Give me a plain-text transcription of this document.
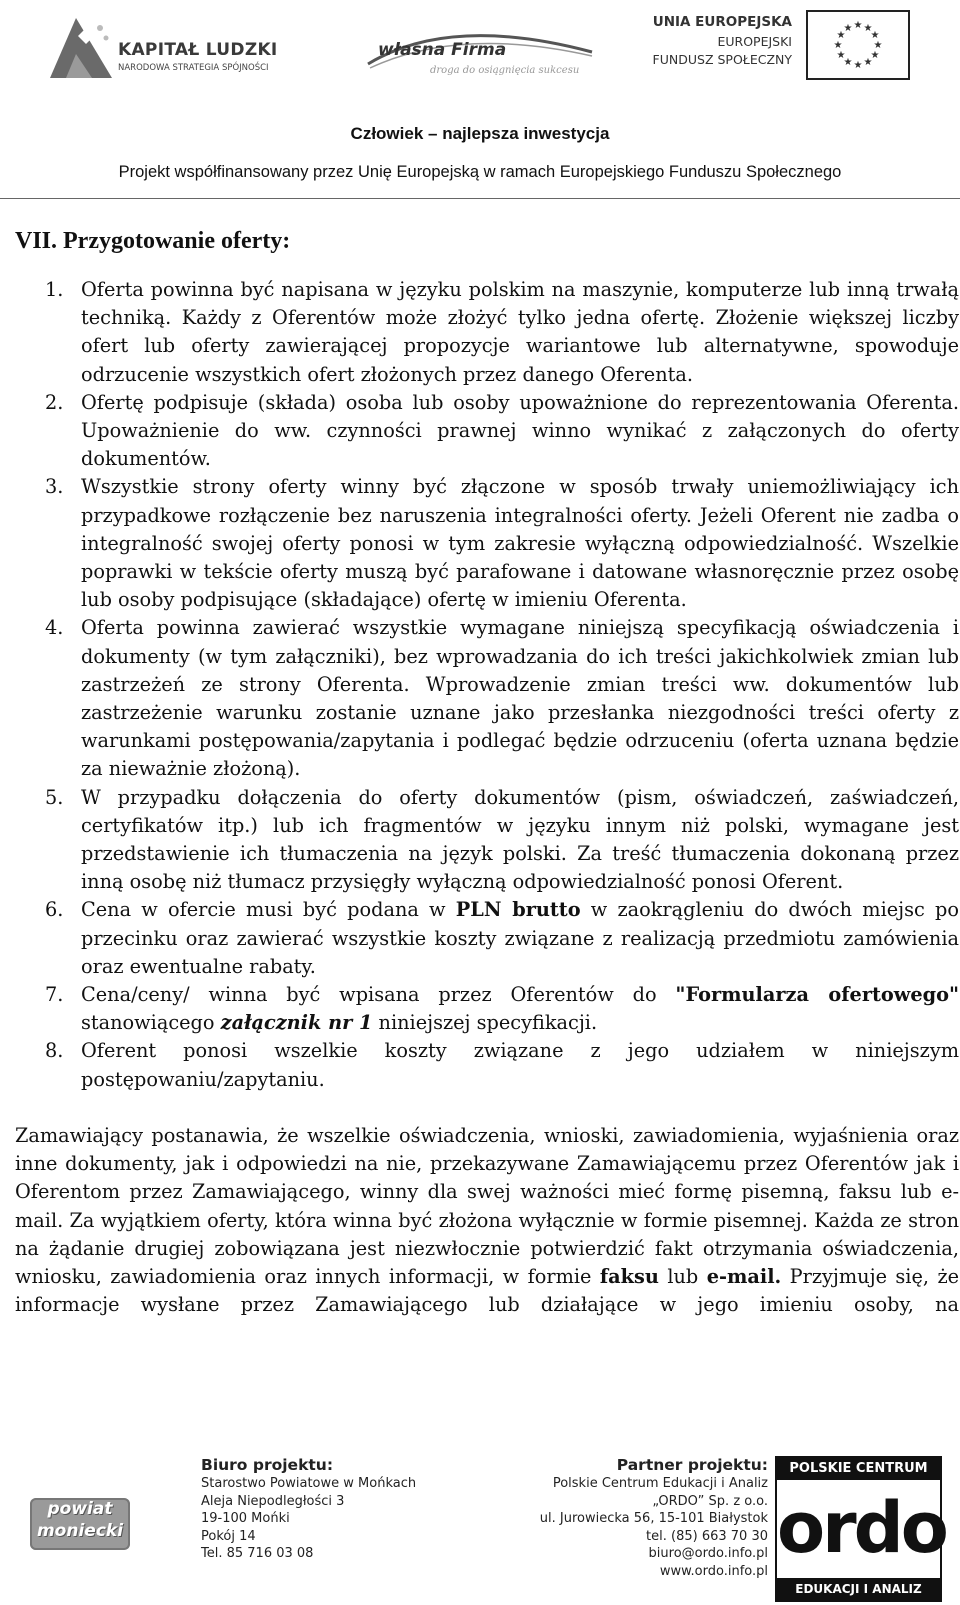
KAPITAŁ LUDZKI
NARODOWA STRATEGIA SPÓJNOŚCI
własna Firma
droga do osiągnięcia sukcesu
UNIA EUROPEJSKA
EUROPEJSKI
FUNDUSZ SPOŁECZNY
★ ★
★
★
★
★
★
★
★
★
★
★
Człowiek – najlepsza inwestycja
Projekt współfinansowany przez Unię Europejską w ramach Europejskiego Funduszu Społecznego
VII. Przygotowanie oferty:
1. Oferta powinna być napisana w języku polskim na maszynie, komputerze lub inną trwałą techniką. Każdy z Oferentów może złożyć tylko jedna ofertę. Złożenie większej liczby ofert lub oferty zawierającej propozycje wariantowe lub alternatywne, spowoduje odrzucenie wszystkich ofert złożonych przez danego Oferenta.
2. Ofertę podpisuje (składa) osoba lub osoby upoważnione do reprezentowania Oferenta. Upoważnienie do ww. czynności prawnej winno wynikać z załączonych do oferty dokumentów.
3. Wszystkie strony oferty winny być złączone w sposób trwały uniemożliwiający ich przypadkowe rozłączenie bez naruszenia integralności oferty. Jeżeli Oferent nie zadba o integralność swojej oferty ponosi w tym zakresie wyłączną odpowiedzialność. Wszelkie poprawki w tekście oferty muszą być parafowane i datowane własnoręcznie przez osobę lub osoby podpisujące (składające) ofertę w imieniu Oferenta.
4. Oferta powinna zawierać wszystkie wymagane niniejszą specyfikacją oświadczenia i dokumenty (w tym załączniki), bez wprowadzania do ich treści jakichkolwiek zmian lub zastrzeżeń ze strony Oferenta. Wprowadzenie zmian treści ww. dokumentów lub zastrzeżenie warunku zostanie uznane jako przesłanka niezgodności treści oferty z warunkami postępowania/zapytania i podlegać będzie odrzuceniu (oferta uznana będzie za nieważnie złożoną).
5. W przypadku dołączenia do oferty dokumentów (pism, oświadczeń, zaświadczeń, certyfikatów itp.) lub ich fragmentów w języku innym niż polski, wymagane jest przedstawienie ich tłumaczenia na język polski. Za treść tłumaczenia dokonaną przez inną osobę niż tłumacz przysięgły wyłączną odpowiedzialność ponosi Oferent.
6. Cena w ofercie musi być podana w PLN brutto w zaokrągleniu do dwóch miejsc po przecinku oraz zawierać wszystkie koszty związane z realizacją przedmiotu zamówienia oraz ewentualne rabaty.
7. Cena/ceny/ winna być wpisana przez Oferentów do "Formularza ofertowego" stanowiącego załącznik nr 1 niniejszej specyfikacji.
8. Oferent ponosi wszelkie koszty związane z jego udziałem w niniejszym postępowaniu/zapytaniu.
Zamawiający postanawia, że wszelkie oświadczenia, wnioski, zawiadomienia, wyjaśnienia oraz inne dokumenty, jak i odpowiedzi na nie, przekazywane Zamawiającemu przez Oferentów jak i Oferentom przez Zamawiającego, winny dla swej ważności mieć formę pisemną, faksu lub e-mail. Za wyjątkiem oferty, która winna być złożona wyłącznie w formie pisemnej. Każda ze stron na żądanie drugiej zobowiązana jest niezwłocznie potwierdzić fakt otrzymania oświadczenia, wniosku, zawiadomienia oraz innych informacji, w formie faksu lub e-mail. Przyjmuje się, że informacje wysłane przez Zamawiającego lub działające w jego imieniu osoby, na
powiat
moniecki
Biuro projektu:
Starostwo Powiatowe w Mońkach
Aleja Niepodległości 3
19-100 Mońki
Pokój 14
Tel. 85 716 03 08
Partner projektu:
Polskie Centrum Edukacji i Analiz
„ORDO” Sp. z o.o.
ul. Jurowiecka 56, 15-101 Białystok
tel. (85) 663 70 30
biuro@ordo.info.pl
www.ordo.info.pl
POLSKIE CENTRUM
ordo
EDUKACJI I ANALIZ
